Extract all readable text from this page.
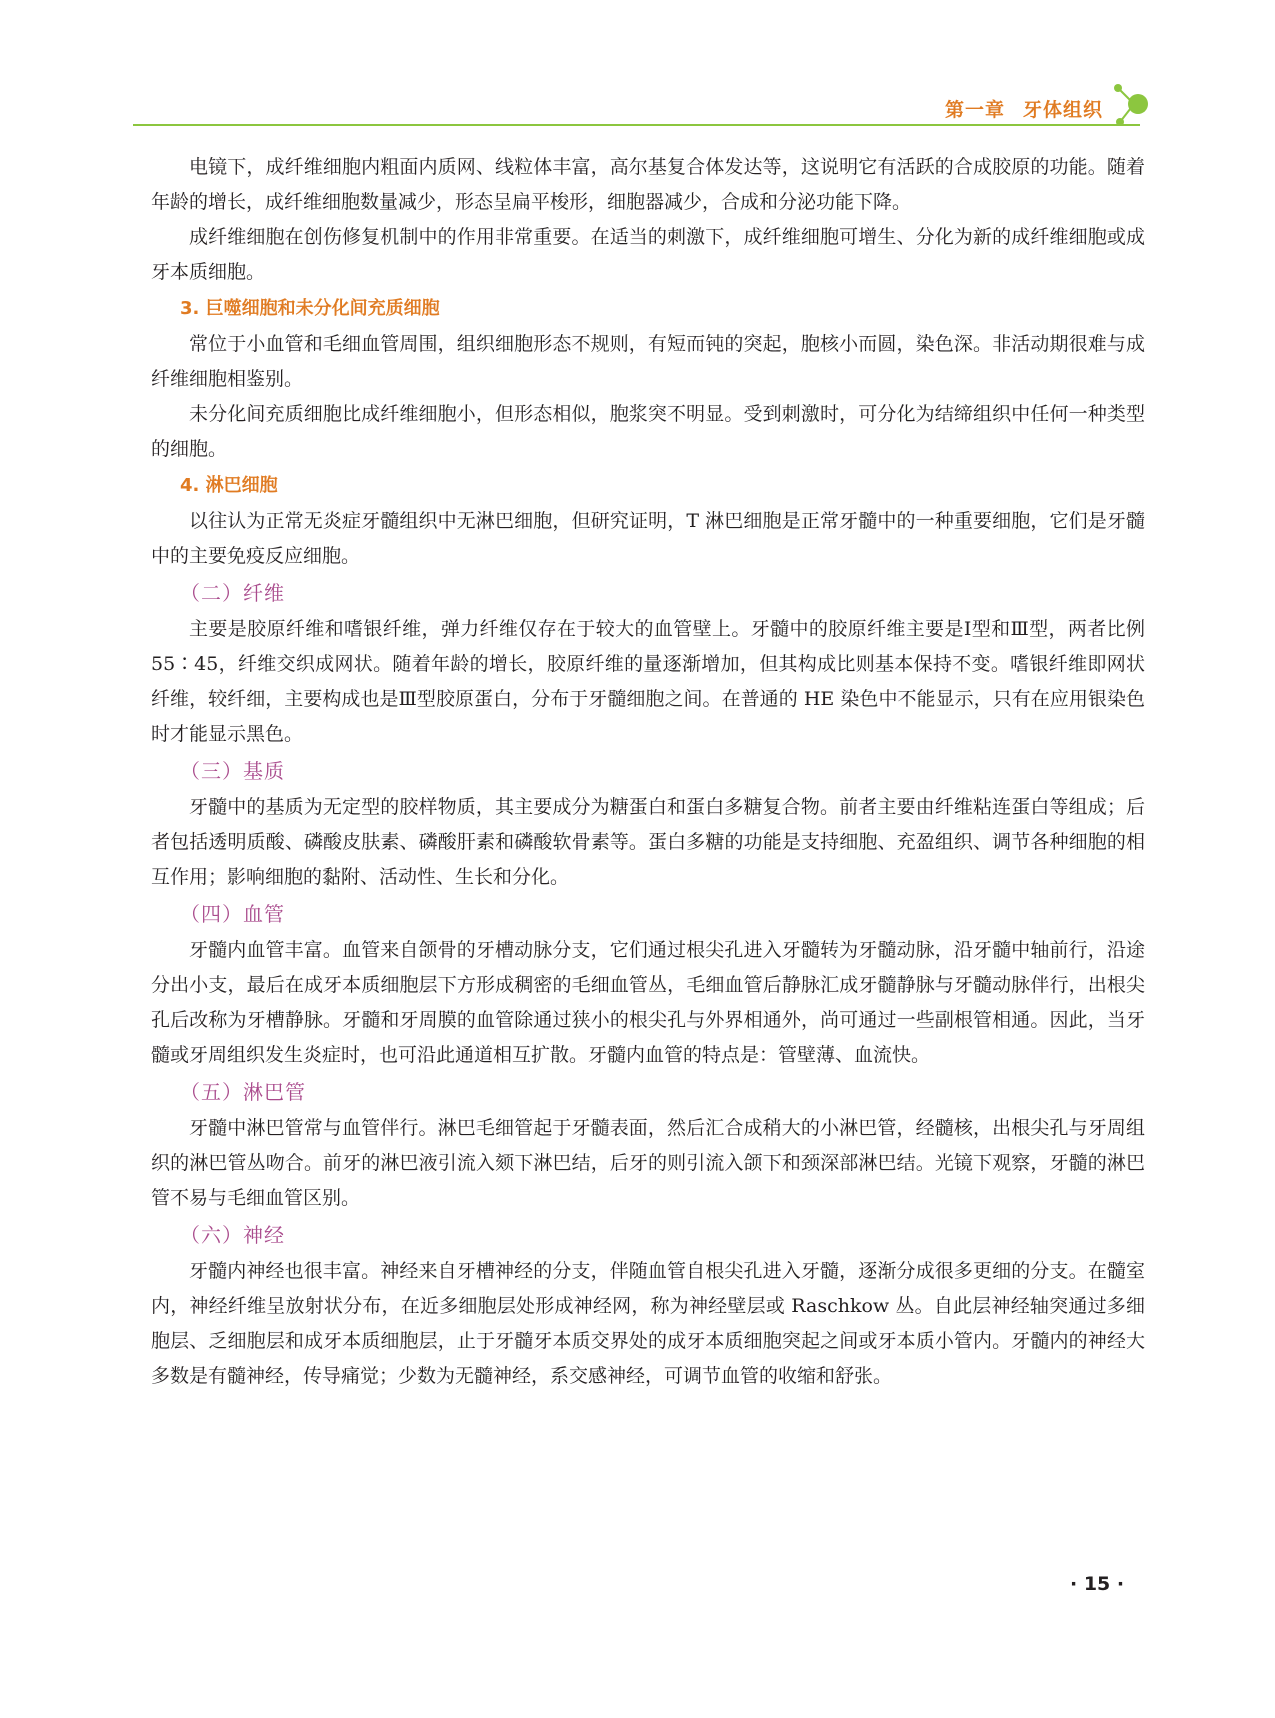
第一章 牙体组织

电镜下，成纤维细胞内粗面内质网、线粒体丰富，高尔基复合体发达等，这说明它有活跃的合成胶原的功能。随着年龄的增长，成纤维细胞数量减少，形态呈扁平梭形，细胞器减少，合成和分泌功能下降。

成纤维细胞在创伤修复机制中的作用非常重要。在适当的刺激下，成纤维细胞可增生、分化为新的成纤维细胞或成牙本质细胞。

3. 巨噬细胞和未分化间充质细胞

常位于小血管和毛细血管周围，组织细胞形态不规则，有短而钝的突起，胞核小而圆，染色深。非活动期很难与成纤维细胞相鉴别。

未分化间充质细胞比成纤维细胞小，但形态相似，胞浆突不明显。受到刺激时，可分化为结缔组织中任何一种类型的细胞。

4. 淋巴细胞

以往认为正常无炎症牙髓组织中无淋巴细胞，但研究证明，T 淋巴细胞是正常牙髓中的一种重要细胞，它们是牙髓中的主要免疫反应细胞。

（二）纤维

主要是胶原纤维和嗜银纤维，弹力纤维仅存在于较大的血管壁上。牙髓中的胶原纤维主要是Ⅰ型和Ⅲ型，两者比例 55∶45，纤维交织成网状。随着年龄的增长，胶原纤维的量逐渐增加，但其构成比则基本保持不变。嗜银纤维即网状纤维，较纤细，主要构成也是Ⅲ型胶原蛋白，分布于牙髓细胞之间。在普通的 HE 染色中不能显示，只有在应用银染色时才能显示黑色。

（三）基质

牙髓中的基质为无定型的胶样物质，其主要成分为糖蛋白和蛋白多糖复合物。前者主要由纤维粘连蛋白等组成；后者包括透明质酸、磷酸皮肤素、磷酸肝素和磷酸软骨素等。蛋白多糖的功能是支持细胞、充盈组织、调节各种细胞的相互作用；影响细胞的黏附、活动性、生长和分化。

（四）血管

牙髓内血管丰富。血管来自颌骨的牙槽动脉分支，它们通过根尖孔进入牙髓转为牙髓动脉，沿牙髓中轴前行，沿途分出小支，最后在成牙本质细胞层下方形成稠密的毛细血管丛，毛细血管后静脉汇成牙髓静脉与牙髓动脉伴行，出根尖孔后改称为牙槽静脉。牙髓和牙周膜的血管除通过狭小的根尖孔与外界相通外，尚可通过一些副根管相通。因此，当牙髓或牙周组织发生炎症时，也可沿此通道相互扩散。牙髓内血管的特点是：管壁薄、血流快。

（五）淋巴管

牙髓中淋巴管常与血管伴行。淋巴毛细管起于牙髓表面，然后汇合成稍大的小淋巴管，经髓核，出根尖孔与牙周组织的淋巴管丛吻合。前牙的淋巴液引流入颏下淋巴结，后牙的则引流入颌下和颈深部淋巴结。光镜下观察，牙髓的淋巴管不易与毛细血管区别。

（六）神经

牙髓内神经也很丰富。神经来自牙槽神经的分支，伴随血管自根尖孔进入牙髓，逐渐分成很多更细的分支。在髓室内，神经纤维呈放射状分布，在近多细胞层处形成神经网，称为神经壁层或 Raschkow 丛。自此层神经轴突通过多细胞层、乏细胞层和成牙本质细胞层，止于牙髓牙本质交界处的成牙本质细胞突起之间或牙本质小管内。牙髓内的神经大多数是有髓神经，传导痛觉；少数为无髓神经，系交感神经，可调节血管的收缩和舒张。

· 15 ·
